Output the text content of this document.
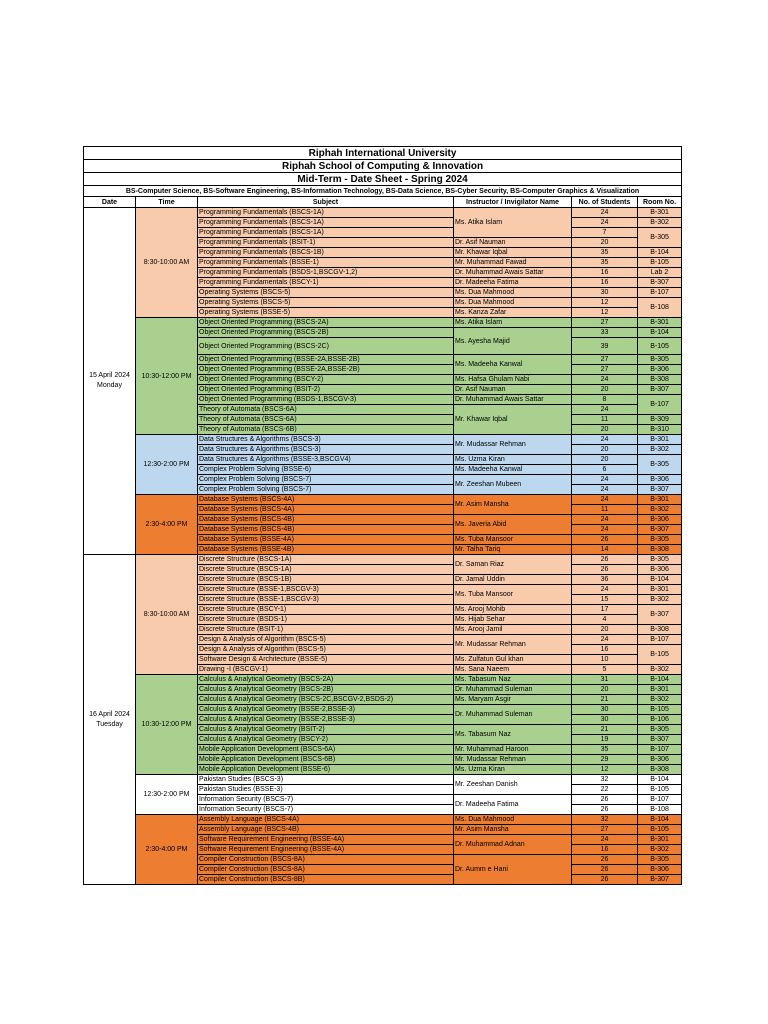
Riphah International University					
Riphah School of Computing & Innovation					
Mid-Term - Date Sheet - Spring 2024					
BS-Computer Science, BS-Software Engineering, BS-Information Technology, BS-Data Science, BS-Cyber Security, BS-Computer Graphics & Visualization					
Date	Time	Subject	Instructor / Invigilator Name	No. of Students	Room No.

15 April 2024
Monday	8:30-10:00 AM	Programming Fundamentals (BSCS-1A)	Ms. Atika Islam	24	B-301
		Programming Fundamentals (BSCS-1A)		24	B-302
		Programming Fundamentals (BSCS-1A)		7	B-305
		Programming Fundamentals (BSIT-1)	Dr. Asif Nauman	20	
		Programming Fundamentals (BSCS-1B)	Mr. Khawar Iqbal	35	B-104
		Programming Fundamentals (BSSE-1)	Mr. Muhammad Fawad	35	B-105
		Programming Fundamentals (BSDS-1,BSCGV-1,2)	Dr. Muhammad Awais Sattar	16	Lab 2
		Programming Fundamentals (BSCY-1)	Dr. Madeeha Fatima	16	B-307
		Operating Systems (BSCS-5)	Ms. Dua Mahmood	30	B-107
		Operating Systems (BSCS-5)	Ms. Dua Mahmood	12	B-108
		Operating Systems (BSSE-5)	Ms. Kanza Zafar	12	
	10:30-12:00 PM	Object Oriented Programming (BSCS-2A)	Ms. Atika Islam	27	B-301
		Object Oriented Programming (BSCS-2B)	Ms. Ayesha Majid	33	B-104
		Object Oriented Programming (BSCS-2C)		39	B-105
		Object Oriented Programming (BSSE-2A,BSSE-2B)	Ms. Madeeha Kanwal	27	B-305
		Object Oriented Programming (BSSE-2A,BSSE-2B)		27	B-306
		Object Oriented Programming (BSCY-2)	Ms. Hafsa Ghulam Nabi	24	B-308
		Object Oriented Programming (BSIT-2)	Dr. Asif Nauman	20	B-307
		Object Oriented Programming (BSDS-1,BSCGV-3)	Dr. Muhammad Awais Sattar	8	B-107
		Theory of Automata (BSCS-6A)	Mr. Khawar Iqbal	24	
		Theory of Automata (BSCS-6A)		11	B-309
		Theory of Automata (BSCS-6B)		20	B-310
	12:30-2:00 PM	Data Structures & Algorithms (BSCS-3)	Mr. Mudassar Rehman	24	B-301
		Data Structures & Algorithms (BSCS-3)		20	B-302
		Data Structures & Algorithms (BSSE-3,BSCGV4)	Ms. Uzma Kiran	20	B-305
		Complex Problem Solving (BSSE-6)	Ms. Madeeha Kanwal	6	
		Complex Problem Solving (BSCS-7)	Mr. Zeeshan Mubeen	24	B-306
		Complex Problem Solving (BSCS-7)		24	B-307
	2:30-4:00 PM	Database Systems (BSCS-4A)	Mr. Asim Mansha	24	B-301
		Database Systems (BSCS-4A)		11	B-302
		Database Systems (BSCS-4B)	Ms. Javeria Abid	24	B-306
		Database Systems (BSCS-4B)		24	B-307
		Database Systems (BSSE-4A)	Ms. Tuba Mansoor	26	B-305
		Database Systems (BSSE-4B)	Mr. Talha Tariq	14	B-308

16 April 2024
Tuesday	8:30-10:00 AM	Discrete Structure (BSCS-1A)	Dr. Saman Riaz	26	B-305
		Discrete Structure (BSCS-1A)		26	B-306
		Discrete Structure (BSCS-1B)	Dr. Jamal Uddin	36	B-104
		Discrete Structure (BSSE-1,BSCGV-3)	Ms. Tuba Mansoor	24	B-301
		Discrete Structure (BSSE-1,BSCGV-3)		15	B-302
		Discrete Structure (BSCY-1)	Ms. Arooj Mohib	17	B-307
		Discrete Structure (BSDS-1)	Ms. Hijab Sehar	4	
		Discrete Structure (BSIT-1)	Ms. Arooj Jamil	20	B-308
		Design & Analysis of Algorithm (BSCS-5)	Mr. Mudassar Rehman	24	B-107
		Design & Analysis of Algorithm (BSCS-5)		16	B-105
		Software Design & Architecture (BSSE-5)	Ms. Zulfatun Gul khan	10	
		Drawing -I (BSCGV-1)	Ms. Sana Naeem	5	B-302
	10:30-12:00 PM	Calculus & Analytical Geometry (BSCS-2A)	Ms. Tabasum Naz	31	B-104
		Calculus & Analytical Geometry (BSCS-2B)	Dr. Muhammad Suleman	20	B-301
		Calculus & Analytical Geometry (BSCS-2C,BSCGV-2,BSDS-2)	Ms. Maryam Asgir	21	B-302
		Calculus & Analytical Geometry (BSSE-2,BSSE-3)	Dr. Muhammad Suleman	30	B-105
		Calculus & Analytical Geometry (BSSE-2,BSSE-3)		30	B-106
		Calculus & Analytical Geometry (BSIT-2)	Ms. Tabasum Naz	21	B-305
		Calculus & Analytical Geometry (BSCY-2)		19	B-307
		Mobile Application Development (BSCS-6A)	Mr. Muhammad Haroon	35	B-107
		Mobile Application Development (BSCS-6B)	Mr. Mudassar Rehman	29	B-306
		Mobile Application Development (BSSE-6)	Ms. Uzma Kiran	12	B-308
	12:30-2:00 PM	Pakistan Studies (BSCS-3)	Mr. Zeeshan Danish	32	B-104
		Pakistan Studies (BSSE-3)		22	B-105
		Information Security (BSCS-7)	Dr. Madeeha Fatima	26	B-107
		Information Security (BSCS-7)		26	B-108
	2:30-4:00 PM	Assembly Language (BSCS-4A)	Ms. Dua Mahmood	32	B-104
		Assembly Language (BSCS-4B)	Mr. Asim Mansha	27	B-105
		Software Requirement Engineering (BSSE-4A)	Dr. Muhammad Adnan	24	B-301
		Software Requirement Engineering (BSSE-4A)		16	B-302
		Compiler Construction (BSCS-8A)	Dr. Aumm e Hani	26	B-305
		Compiler Construction (BSCS-8A)		26	B-306
		Compiler Construction (BSCS-8B)		26	B-307
